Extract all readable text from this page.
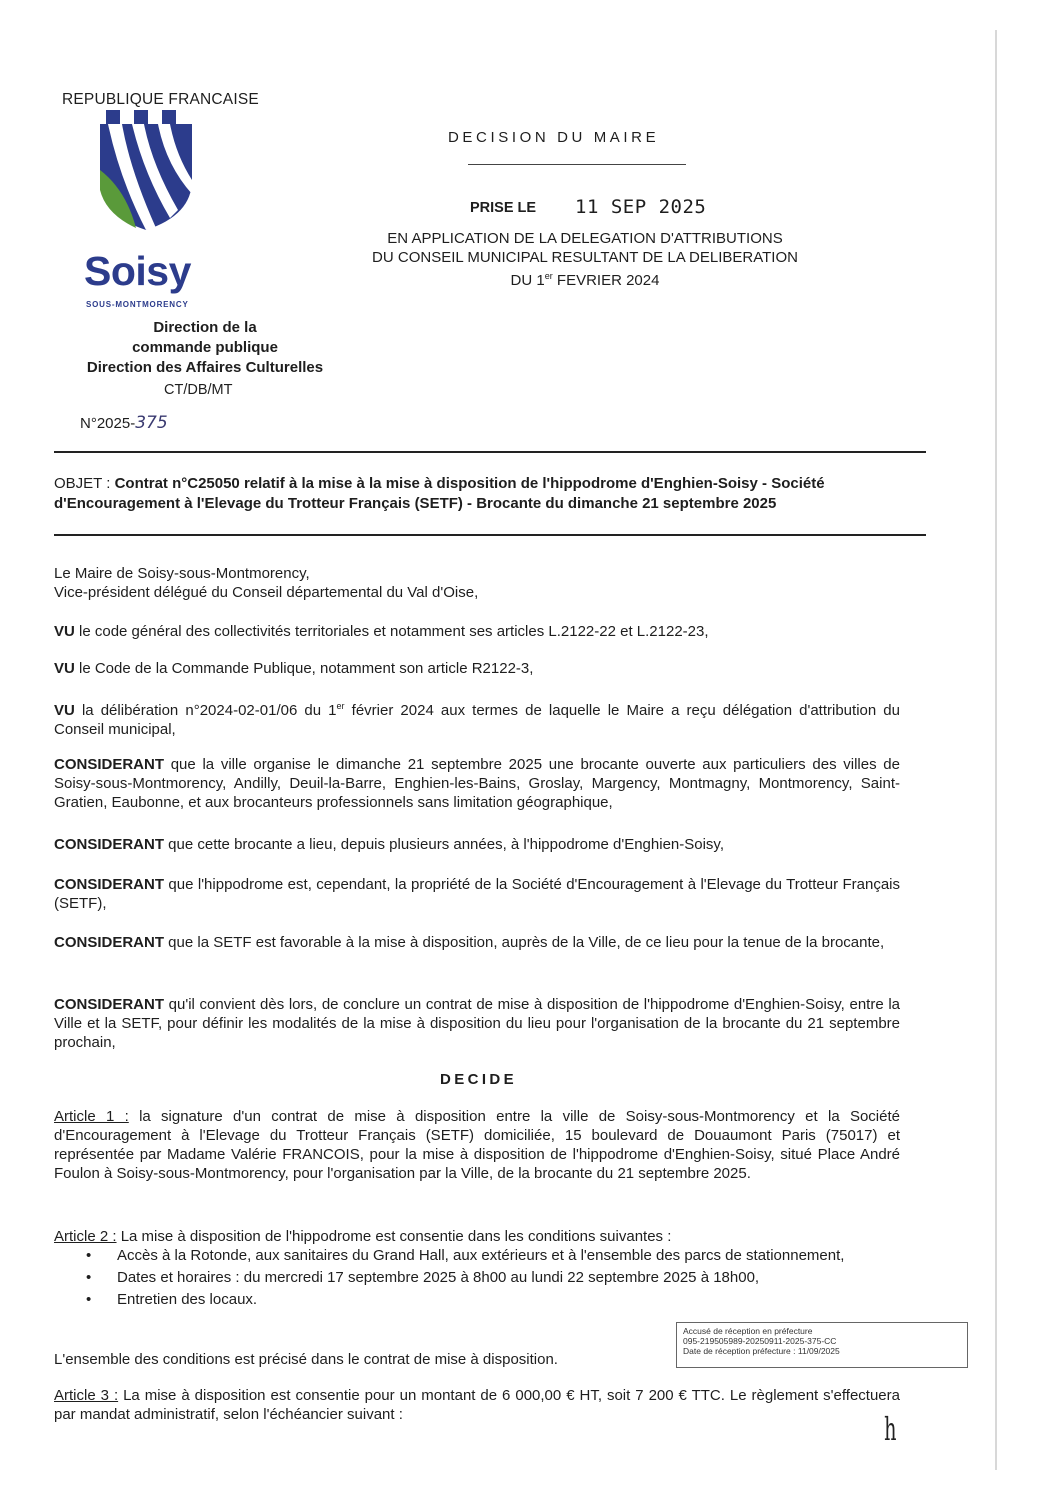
REPUBLIQUE FRANCAISE
Soisy
SOUS-MONTMORENCY
Direction de la
commande publique
Direction des Affaires Culturelles
CT/DB/MT
N°2025-375
DECISION DU MAIRE
PRISE LE 11 SEP 2025
EN APPLICATION DE LA DELEGATION D'ATTRIBUTIONS
DU CONSEIL MUNICIPAL RESULTANT DE LA DELIBERATION
DU 1er FEVRIER 2024
OBJET : Contrat n°C25050 relatif à la mise à la mise à disposition de l'hippodrome d'Enghien-Soisy - Société d'Encouragement à l'Elevage du Trotteur Français (SETF) - Brocante du dimanche 21 septembre 2025
Le Maire de Soisy-sous-Montmorency,
Vice-président délégué du Conseil départemental du Val d'Oise,
VU le code général des collectivités territoriales et notamment ses articles L.2122-22 et L.2122-23,
VU le Code de la Commande Publique, notamment son article R2122-3,
VU la délibération n°2024-02-01/06 du 1er février 2024 aux termes de laquelle le Maire a reçu délégation d'attribution du Conseil municipal,
CONSIDERANT que la ville organise le dimanche 21 septembre 2025 une brocante ouverte aux particuliers des villes de Soisy-sous-Montmorency, Andilly, Deuil-la-Barre, Enghien-les-Bains, Groslay, Margency, Montmagny, Montmorency, Saint-Gratien, Eaubonne, et aux brocanteurs professionnels sans limitation géographique,
CONSIDERANT que cette brocante a lieu, depuis plusieurs années, à l'hippodrome d'Enghien-Soisy,
CONSIDERANT que l'hippodrome est, cependant, la propriété de la Société d'Encouragement à l'Elevage du Trotteur Français (SETF),
CONSIDERANT que la SETF est favorable à la mise à disposition, auprès de la Ville, de ce lieu pour la tenue de la brocante,
CONSIDERANT qu'il convient dès lors, de conclure un contrat de mise à disposition de l'hippodrome d'Enghien-Soisy, entre la Ville et la SETF, pour définir les modalités de la mise à disposition du lieu pour l'organisation de la brocante du 21 septembre prochain,
DECIDE
Article 1 : la signature d'un contrat de mise à disposition entre la ville de Soisy-sous-Montmorency et la Société d'Encouragement à l'Elevage du Trotteur Français (SETF) domiciliée, 15 boulevard de Douaumont Paris (75017) et représentée par Madame Valérie FRANCOIS, pour la mise à disposition de l'hippodrome d'Enghien-Soisy, situé Place André Foulon à Soisy-sous-Montmorency, pour l'organisation par la Ville, de la brocante du 21 septembre 2025.
Article 2 : La mise à disposition de l'hippodrome est consentie dans les conditions suivantes :
• Accès à la Rotonde, aux sanitaires du Grand Hall, aux extérieurs et à l'ensemble des parcs de stationnement,
• Dates et horaires : du mercredi 17 septembre 2025 à 8h00 au lundi 22 septembre 2025 à 18h00,
• Entretien des locaux.
L'ensemble des conditions est précisé dans le contrat de mise à disposition.
Accusé de réception en préfecture
095-219505989-20250911-2025-375-CC
Date de réception préfecture : 11/09/2025
Article 3 : La mise à disposition est consentie pour un montant de 6 000,00 € HT, soit 7 200 € TTC. Le règlement s'effectuera par mandat administratif, selon l'échéancier suivant :	h
